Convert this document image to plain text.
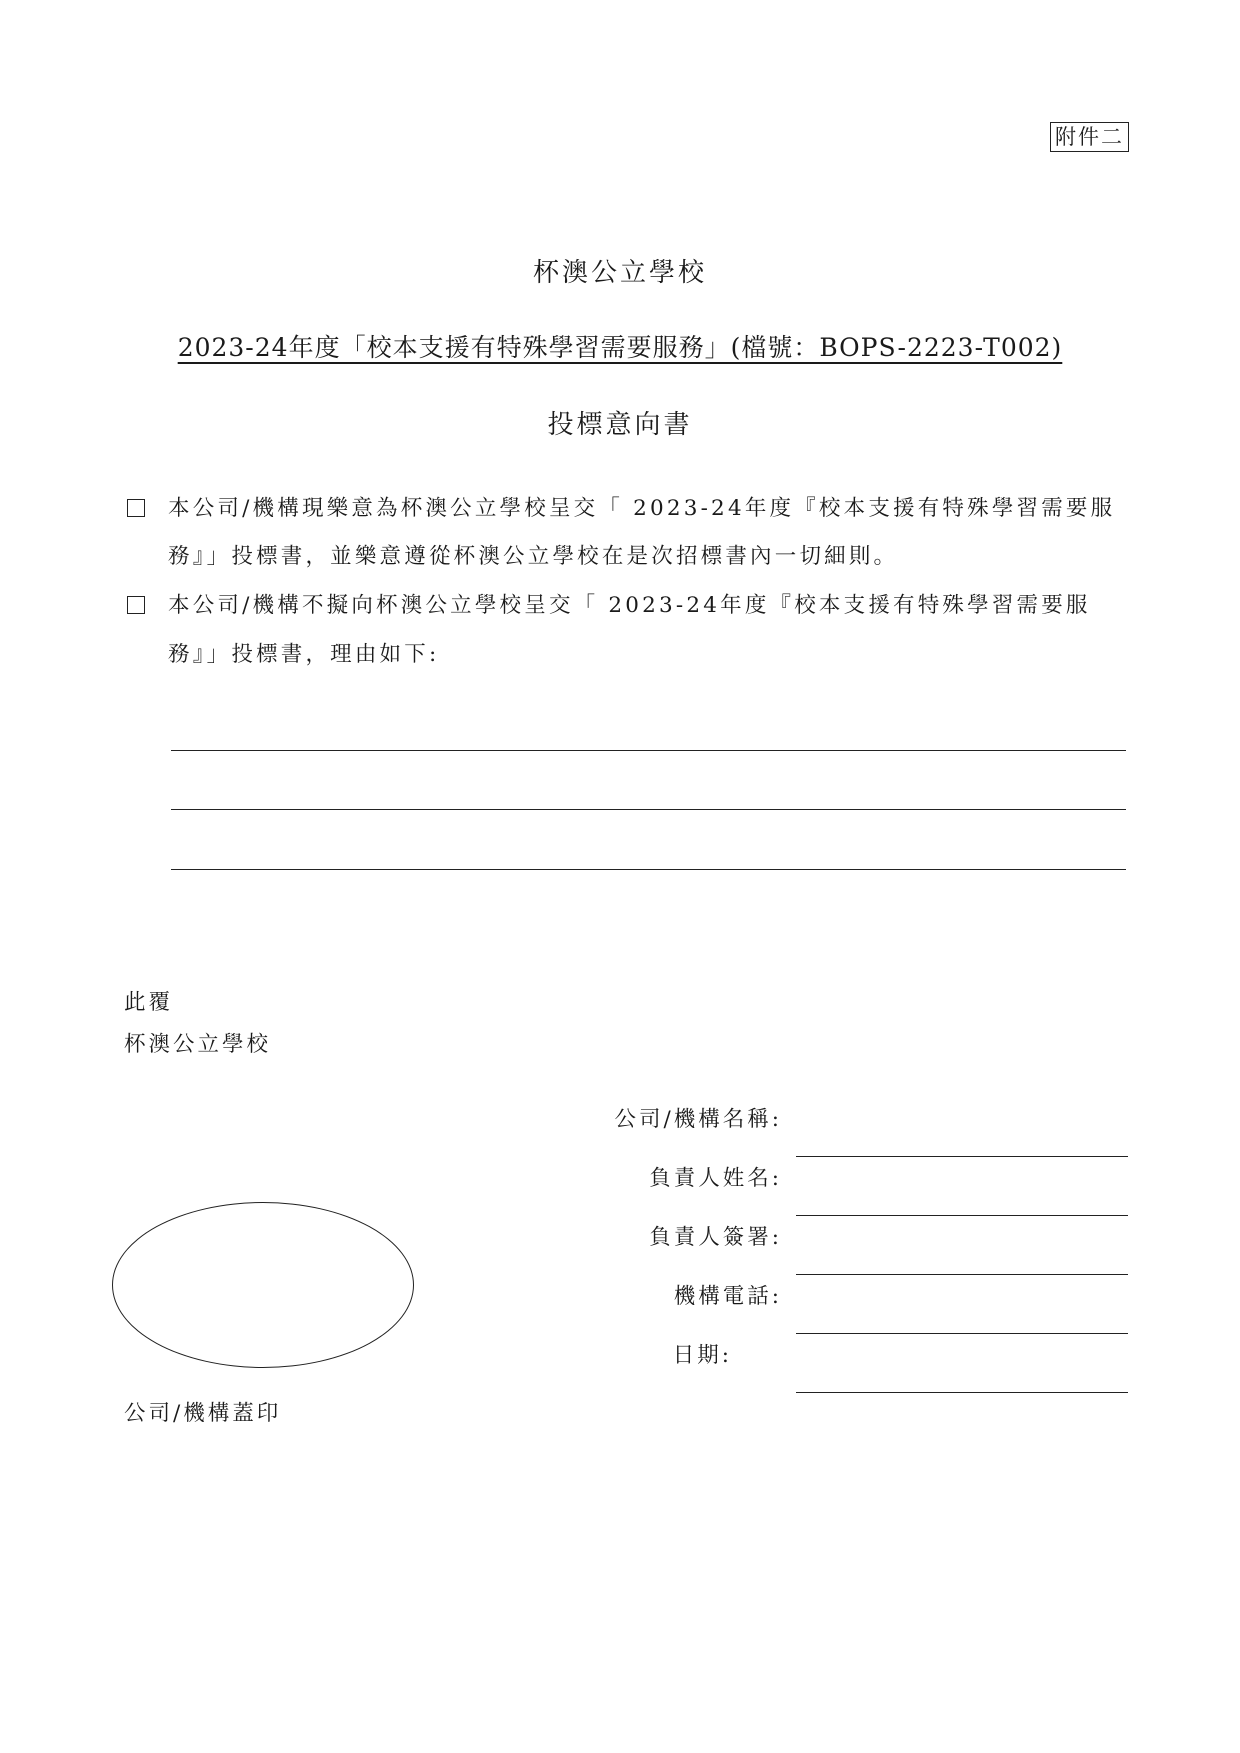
附件二
杯澳公立學校
2023-24年度「校本支援有特殊學習需要服務」(檔號：BOPS-2223-T002)
投標意向書
本公司/機構現樂意為杯澳公立學校呈交「 2023-24年度『校本支援有特殊學習需要服
務』」投標書，並樂意遵從杯澳公立學校在是次招標書內一切細則。
本公司/機構不擬向杯澳公立學校呈交「 2023-24年度『校本支援有特殊學習需要服
務』」投標書，理由如下:
此覆
杯澳公立學校
公司/機構名稱:
負責人姓名:
負責人簽署:
機構電話:
日期:
公司/機構蓋印
